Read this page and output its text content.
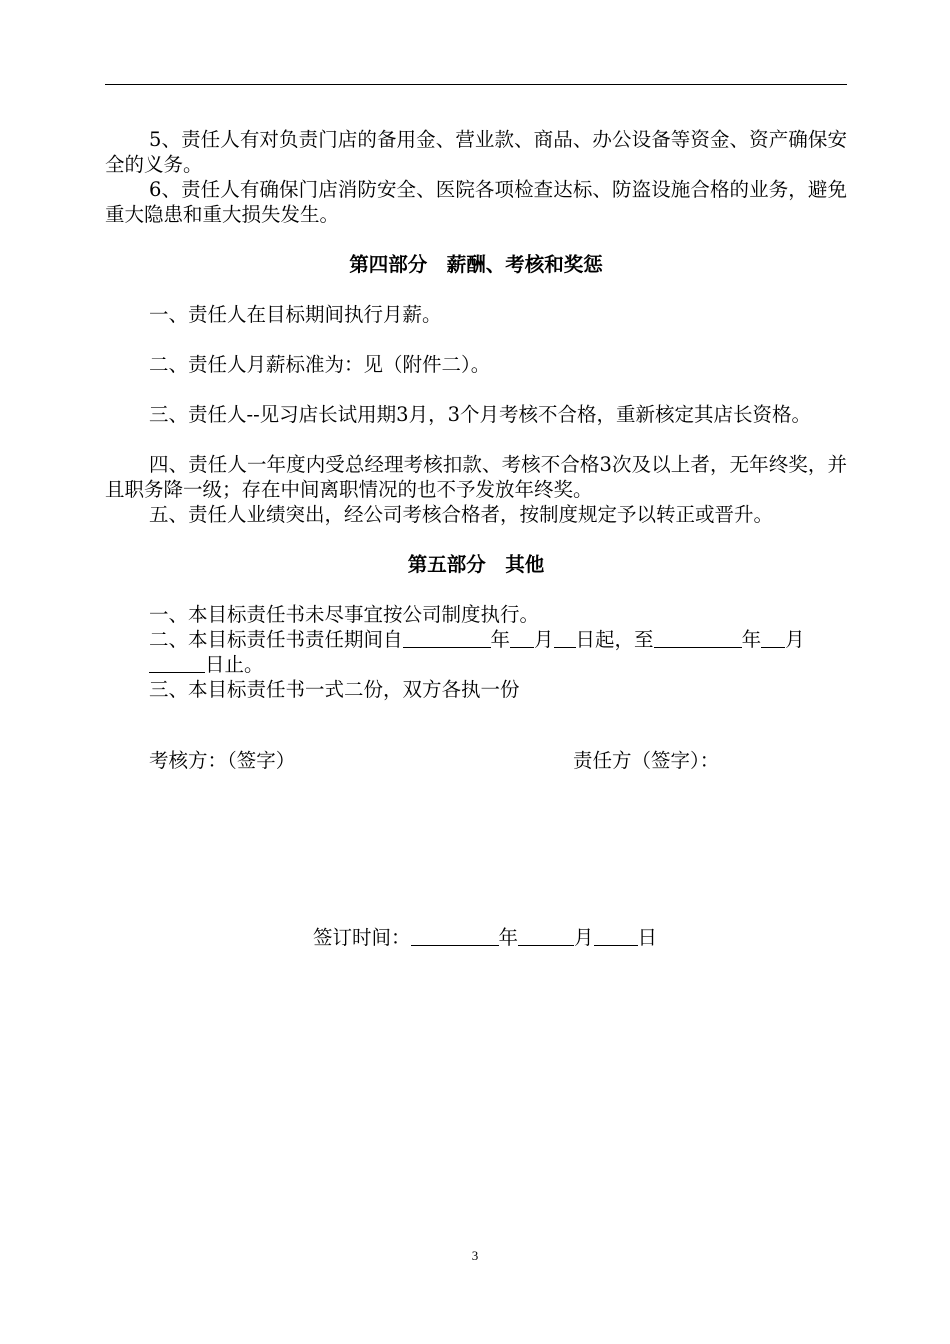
5、责任人有对负责门店的备用金、营业款、商品、办公设备等资金、资产确保安全的义务。

6、责任人有确保门店消防安全、医院各项检查达标、防盗设施合格的业务，避免重大隐患和重大损失发生。

第四部分　薪酬、考核和奖惩

一、责任人在目标期间执行月薪。

二、责任人月薪标准为：见（附件二）。

三、责任人--见习店长试用期3月，3个月考核不合格，重新核定其店长资格。

四、责任人一年度内受总经理考核扣款、考核不合格3次及以上者，无年终奖，并且职务降一级；存在中间离职情况的也不予发放年终奖。

五、责任人业绩突出，经公司考核合格者，按制度规定予以转正或晋升。

第五部分　其他

一、本目标责任书未尽事宜按公司制度执行。

二、本目标责任书责任期间自	年 月 日起，至	年 月

日止。

三、本目标责任书一式二份，双方各执一份

考核方：（签字）	责任方（签字）：
签订时间：	年	月 日
3
